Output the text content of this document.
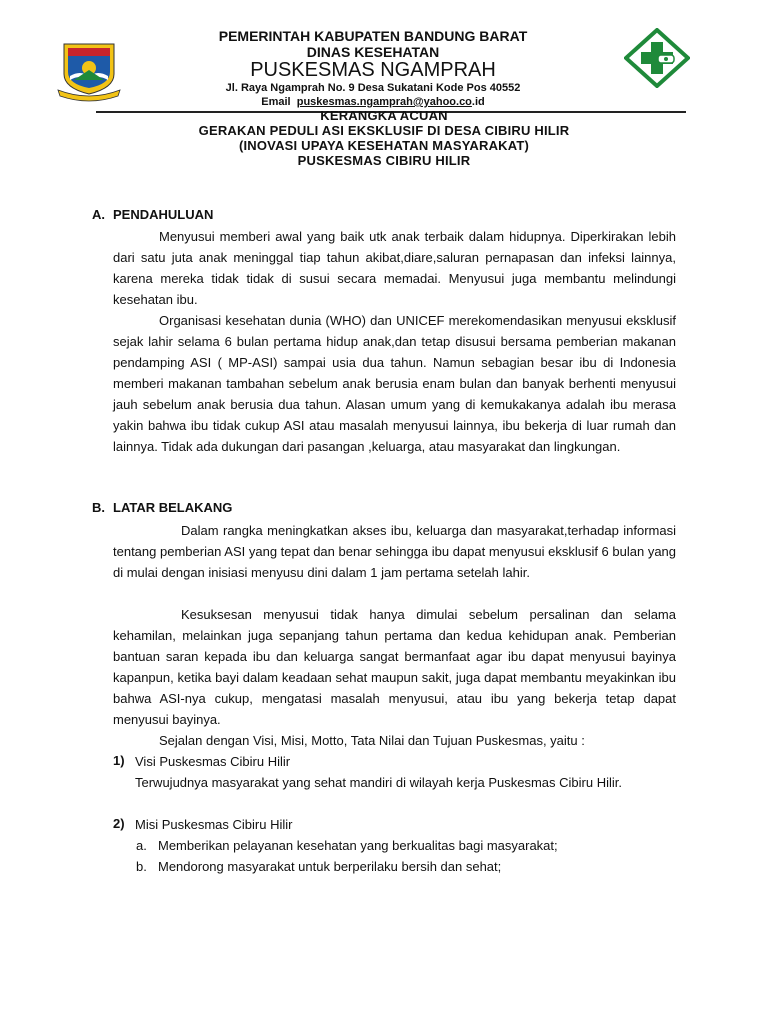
PEMERINTAH KABUPATEN BANDUNG BARAT
DINAS KESEHATAN
PUSKESMAS NGAMPRAH
Jl. Raya Ngamprah No. 9 Desa Sukatani Kode Pos 40552
Email puskesmas.ngamprah@yahoo.co.id
KERANGKA ACUAN
GERAKAN PEDULI ASI EKSKLUSIF DI DESA CIBIRU HILIR
(INOVASI UPAYA KESEHATAN MASYARAKAT)
PUSKESMAS CIBIRU HILIR
A. PENDAHULUAN
Menyusui memberi awal yang baik utk anak terbaik dalam hidupnya. Diperkirakan lebih dari satu juta anak meninggal tiap tahun akibat,diare,saluran pernapasan dan infeksi lainnya, karena mereka tidak tidak di susui secara memadai. Menyusui juga membantu melindungi kesehatan ibu.
Organisasi kesehatan dunia (WHO) dan UNICEF merekomendasikan menyusui eksklusif sejak lahir selama 6 bulan pertama hidup anak,dan tetap disusui bersama pemberian makanan pendamping ASI ( MP-ASI) sampai usia dua tahun. Namun sebagian besar ibu di Indonesia memberi makanan tambahan sebelum anak berusia enam bulan dan banyak berhenti menyusui jauh sebelum anak berusia dua tahun. Alasan umum yang di kemukakanya adalah ibu merasa yakin bahwa ibu tidak cukup ASI atau masalah menyusui lainnya, ibu bekerja di luar rumah dan lainnya. Tidak ada dukungan dari pasangan ,keluarga, atau masyarakat dan lingkungan.
B. LATAR BELAKANG
Dalam rangka meningkatkan akses ibu, keluarga dan masyarakat,terhadap informasi tentang pemberian ASI yang tepat dan benar sehingga ibu dapat menyusui eksklusif 6 bulan yang di mulai dengan inisiasi menyusu dini dalam 1 jam pertama setelah lahir.
Kesuksesan menyusui tidak hanya dimulai sebelum persalinan dan selama kehamilan, melainkan juga sepanjang tahun pertama dan kedua kehidupan anak. Pemberian bantuan saran kepada ibu dan keluarga sangat bermanfaat agar ibu dapat menyusui bayinya kapanpun, ketika bayi dalam keadaan sehat maupun sakit, juga dapat membantu meyakinkan ibu bahwa ASI-nya cukup, mengatasi masalah menyusui, atau ibu yang bekerja tetap dapat menyusui bayinya.
Sejalan dengan Visi, Misi, Motto, Tata Nilai dan Tujuan Puskesmas, yaitu :
1) Visi Puskesmas Cibiru Hilir
Terwujudnya masyarakat yang sehat mandiri di wilayah kerja Puskesmas Cibiru Hilir.
2) Misi Puskesmas Cibiru Hilir
a. Memberikan pelayanan kesehatan yang berkualitas bagi masyarakat;
b. Mendorong masyarakat untuk berperilaku bersih dan sehat;
